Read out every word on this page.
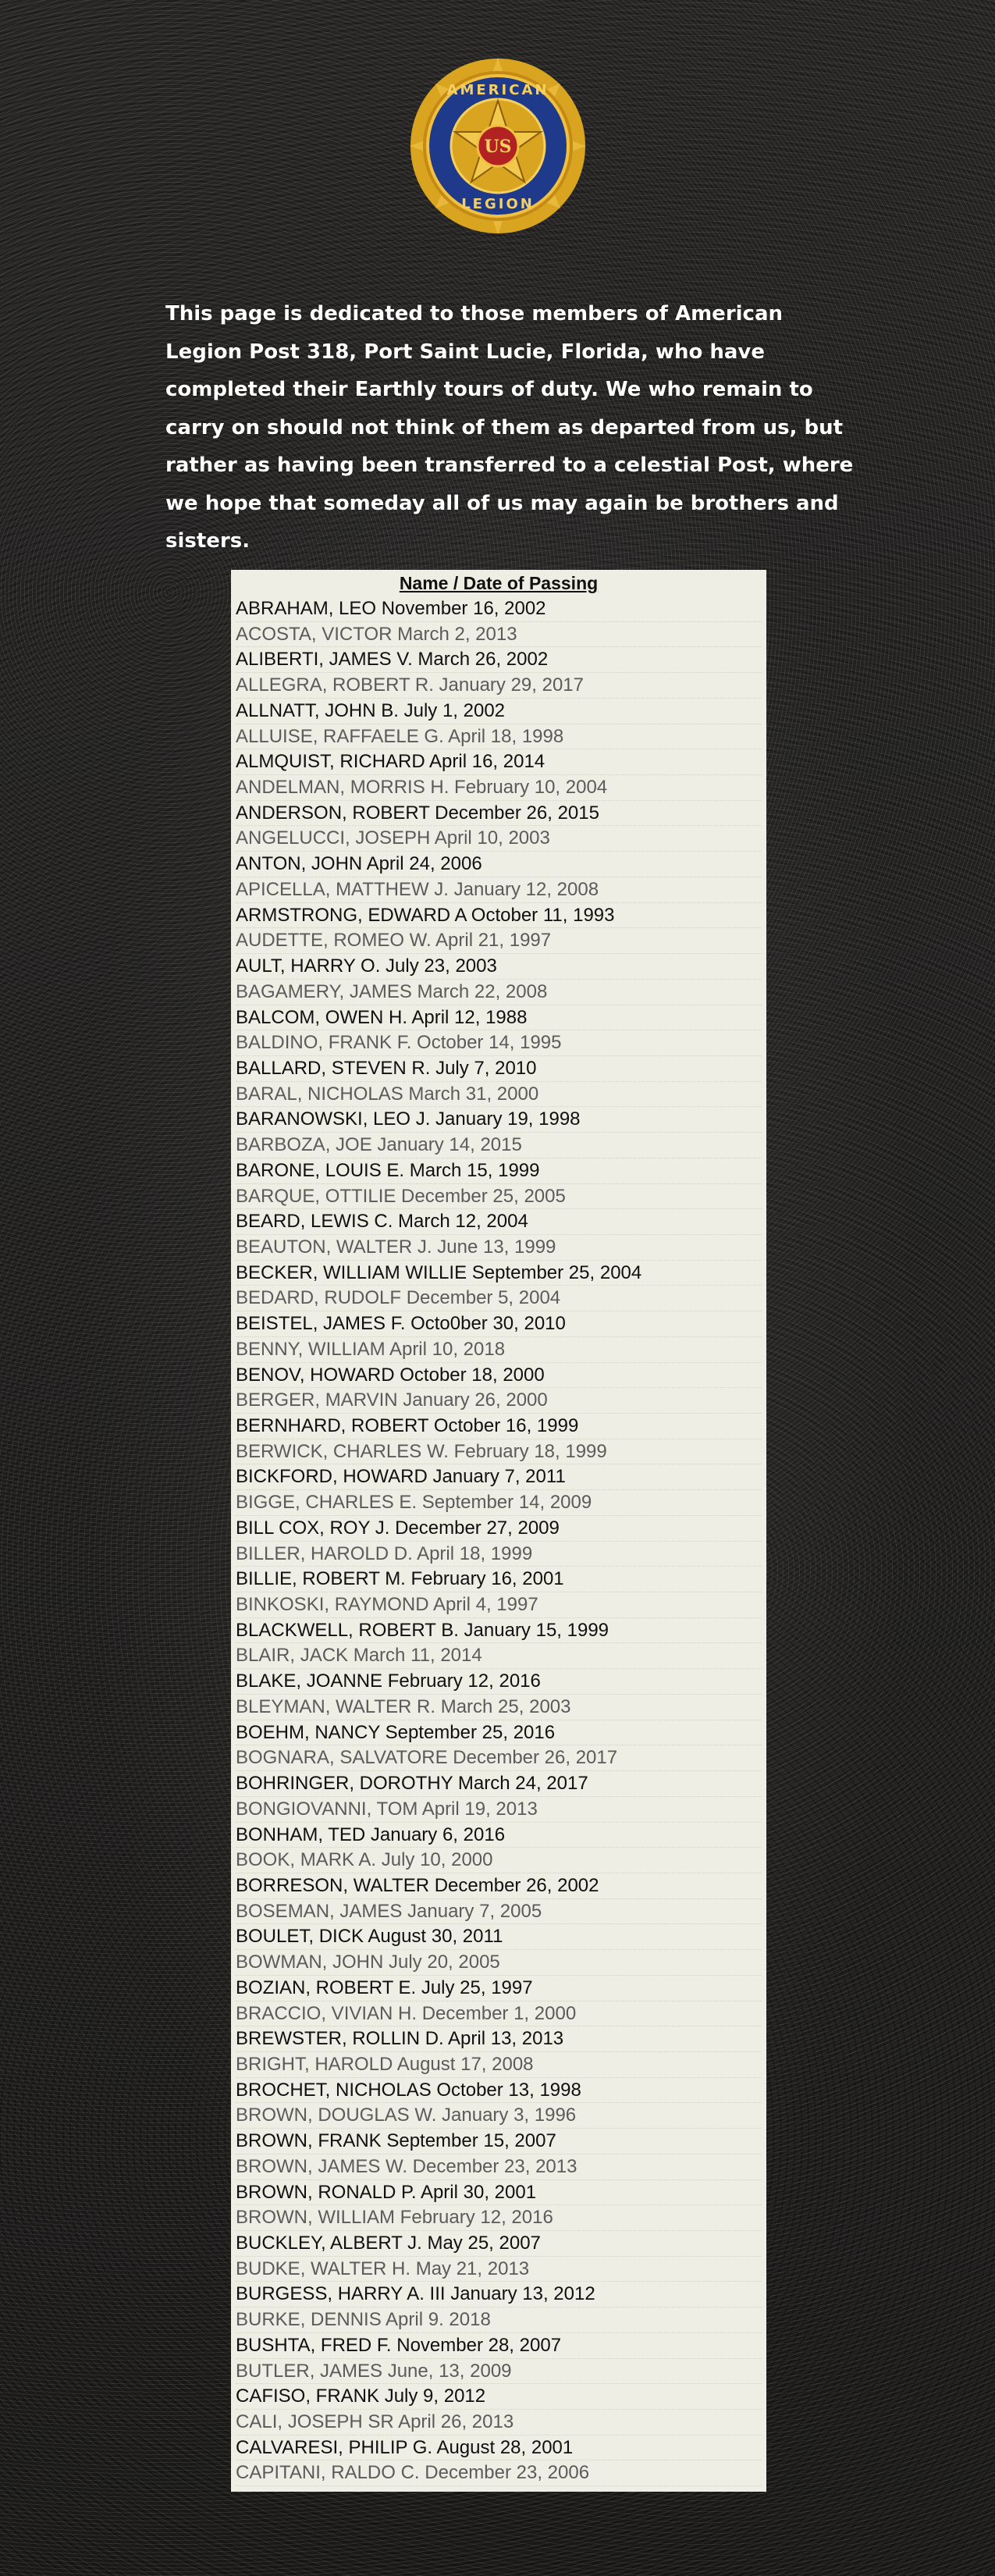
US
AMERICAN
LEGION
This page is dedicated to those members of American Legion Post 318, Port Saint Lucie, Florida, who have completed their Earthly tours of duty. We who remain to carry on should not think of them as departed from us, but rather as having been transferred to a celestial Post, where we hope that someday all of us may again be brothers and sisters.
Name / Date of Passing
ABRAHAM, LEO November 16, 2002
ACOSTA, VICTOR March 2, 2013
ALIBERTI, JAMES V. March 26, 2002
ALLEGRA, ROBERT R. January 29, 2017
ALLNATT, JOHN B. July 1, 2002
ALLUISE, RAFFAELE G. April 18, 1998
ALMQUIST, RICHARD April 16, 2014
ANDELMAN, MORRIS H. February 10, 2004
ANDERSON, ROBERT December 26, 2015
ANGELUCCI, JOSEPH April 10, 2003
ANTON, JOHN April 24, 2006
APICELLA, MATTHEW J. January 12, 2008
ARMSTRONG, EDWARD A October 11, 1993
AUDETTE, ROMEO W. April 21, 1997
AULT, HARRY O. July 23, 2003
BAGAMERY, JAMES March 22, 2008
BALCOM, OWEN H. April 12, 1988
BALDINO, FRANK F. October 14, 1995
BALLARD, STEVEN R. July 7, 2010
BARAL, NICHOLAS March 31, 2000
BARANOWSKI, LEO J. January 19, 1998
BARBOZA, JOE January 14, 2015
BARONE, LOUIS E. March 15, 1999
BARQUE, OTTILIE December 25, 2005
BEARD, LEWIS C. March 12, 2004
BEAUTON, WALTER J. June 13, 1999
BECKER, WILLIAM WILLIE September 25, 2004
BEDARD, RUDOLF December 5, 2004
BEISTEL, JAMES F. Octo0ber 30, 2010
BENNY, WILLIAM April 10, 2018
BENOV, HOWARD October 18, 2000
BERGER, MARVIN January 26, 2000
BERNHARD, ROBERT October 16, 1999
BERWICK, CHARLES W. February 18, 1999
BICKFORD, HOWARD January 7, 2011
BIGGE, CHARLES E. September 14, 2009
BILL COX, ROY J. December 27, 2009
BILLER, HAROLD D. April 18, 1999
BILLIE, ROBERT M. February 16, 2001
BINKOSKI, RAYMOND April 4, 1997
BLACKWELL, ROBERT B. January 15, 1999
BLAIR, JACK March 11, 2014
BLAKE, JOANNE February 12, 2016
BLEYMAN, WALTER R. March 25, 2003
BOEHM, NANCY September 25, 2016
BOGNARA, SALVATORE December 26, 2017
BOHRINGER, DOROTHY March 24, 2017
BONGIOVANNI, TOM April 19, 2013
BONHAM, TED January 6, 2016
BOOK, MARK A. July 10, 2000
BORRESON, WALTER December 26, 2002
BOSEMAN, JAMES January 7, 2005
BOULET, DICK August 30, 2011
BOWMAN, JOHN July 20, 2005
BOZIAN, ROBERT E. July 25, 1997
BRACCIO, VIVIAN H. December 1, 2000
BREWSTER, ROLLIN D. April 13, 2013
BRIGHT, HAROLD August 17, 2008
BROCHET, NICHOLAS October 13, 1998
BROWN, DOUGLAS W. January 3, 1996
BROWN, FRANK September 15, 2007
BROWN, JAMES W. December 23, 2013
BROWN, RONALD P. April 30, 2001
BROWN, WILLIAM February 12, 2016
BUCKLEY, ALBERT J. May 25, 2007
BUDKE, WALTER H. May 21, 2013
BURGESS, HARRY A. III January 13, 2012
BURKE, DENNIS April 9. 2018
BUSHTA, FRED F. November 28, 2007
BUTLER, JAMES June, 13, 2009
CAFISO, FRANK July 9, 2012
CALI, JOSEPH SR April 26, 2013
CALVARESI, PHILIP G. August 28, 2001
CAPITANI, RALDO C. December 23, 2006
